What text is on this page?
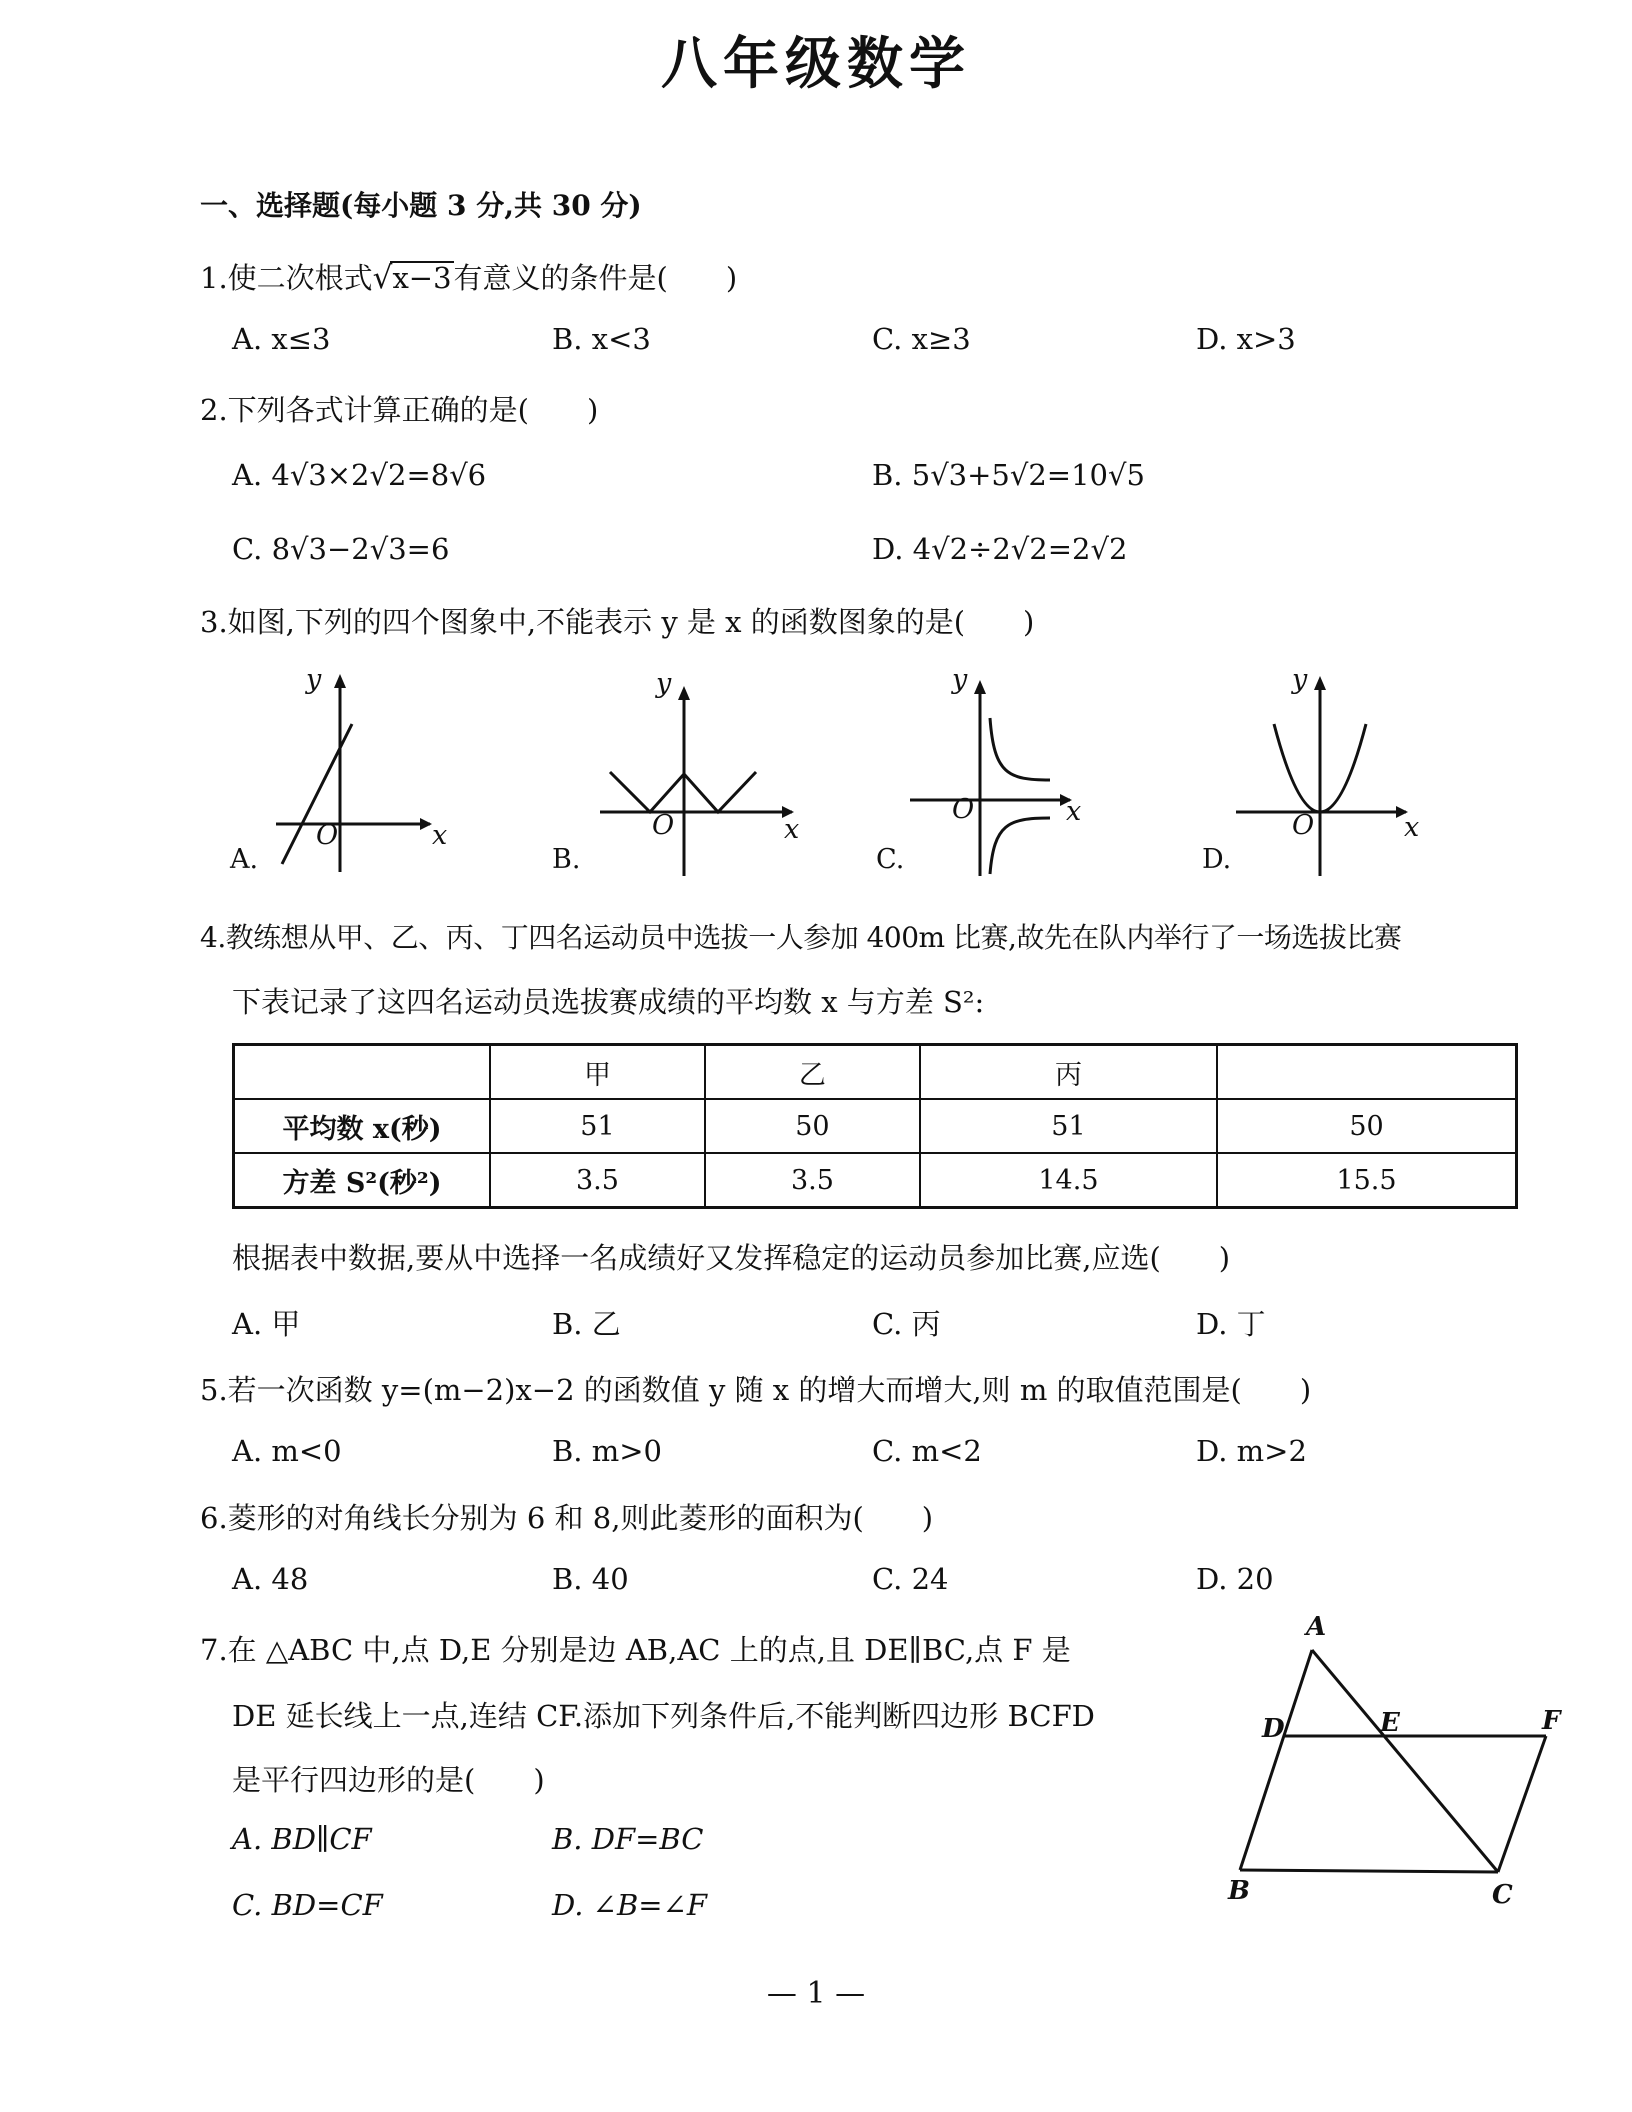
八年级数学
一、选择题(每小题 3 分,共 30 分)
1.使二次根式√x−3有意义的条件是(　　)
A. x≤3	B. x<3	C. x≥3	D. x>3
2.下列各式计算正确的是(　　)
A. 4√3×2√2=8√6	B. 5√3+5√2=10√5
C. 8√3−2√3=6	D. 4√2÷2√2=2√2
3.如图,下列的四个图象中,不能表示 y 是 x 的函数图象的是(　　)
y
x
O
A.
y
x
O
B.
y
x
O
C.
y
x
O
D.
4.教练想从甲、乙、丙、丁四名运动员中选拔一人参加 400m 比赛,故先在队内举行了一场选拔比赛
下表记录了这四名运动员选拔赛成绩的平均数 x 与方差 S²:
	甲	乙	丙	
平均数 x(秒)	51	50	51	50
方差 S²(秒²)	3.5	3.5	14.5	15.5
根据表中数据,要从中选择一名成绩好又发挥稳定的运动员参加比赛,应选(　　)
A. 甲	B. 乙	C. 丙	D. 丁
5.若一次函数 y=(m−2)x−2 的函数值 y 随 x 的增大而增大,则 m 的取值范围是(　　)
A. m<0	B. m>0	C. m<2	D. m>2
6.菱形的对角线长分别为 6 和 8,则此菱形的面积为(　　)
A. 48	B. 40	C. 24	D. 20
7.在 △ABC 中,点 D,E 分别是边 AB,AC 上的点,且 DE∥BC,点 F 是
DE 延长线上一点,连结 CF.添加下列条件后,不能判断四边形 BCFD
是平行四边形的是(　　)
A. BD∥CF	B. DF=BC
C. BD=CF	D. ∠B=∠F
A
D	E	F
B	C
— 1 —
